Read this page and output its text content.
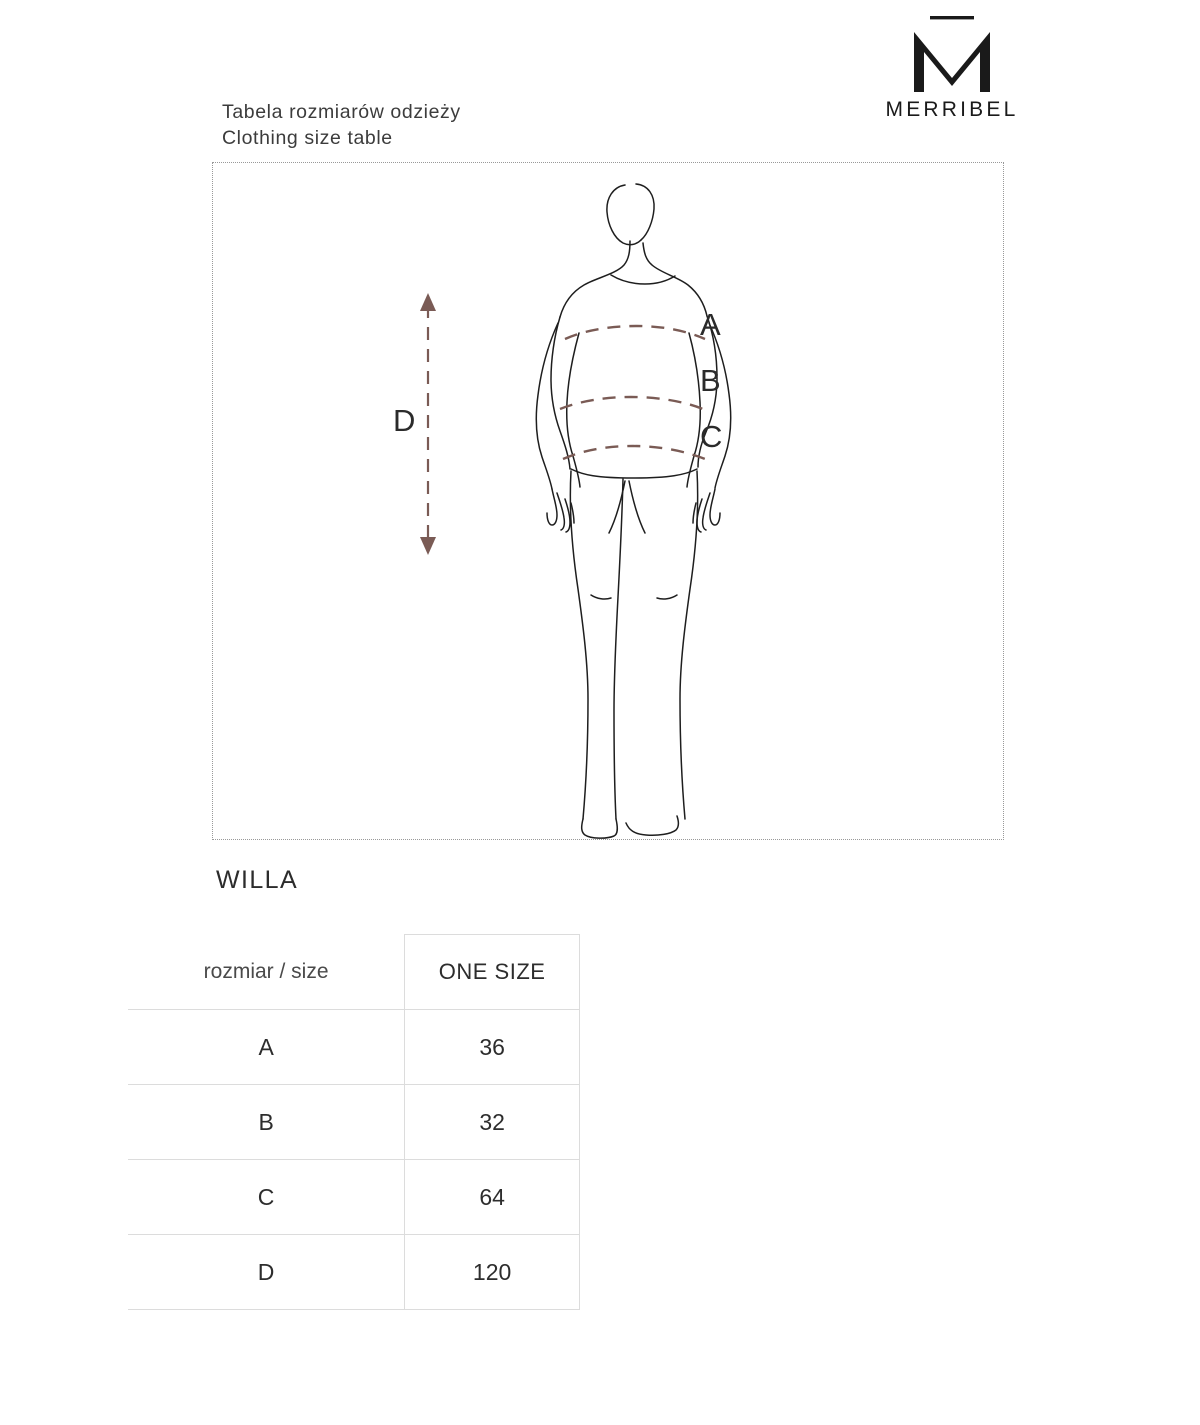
MERRIBEL
Tabela rozmiarów odzieży
Clothing size table
A
B
C
D
WILLA
rozmiar / size	ONE SIZE
A	36
B	32
C	64
D	120
